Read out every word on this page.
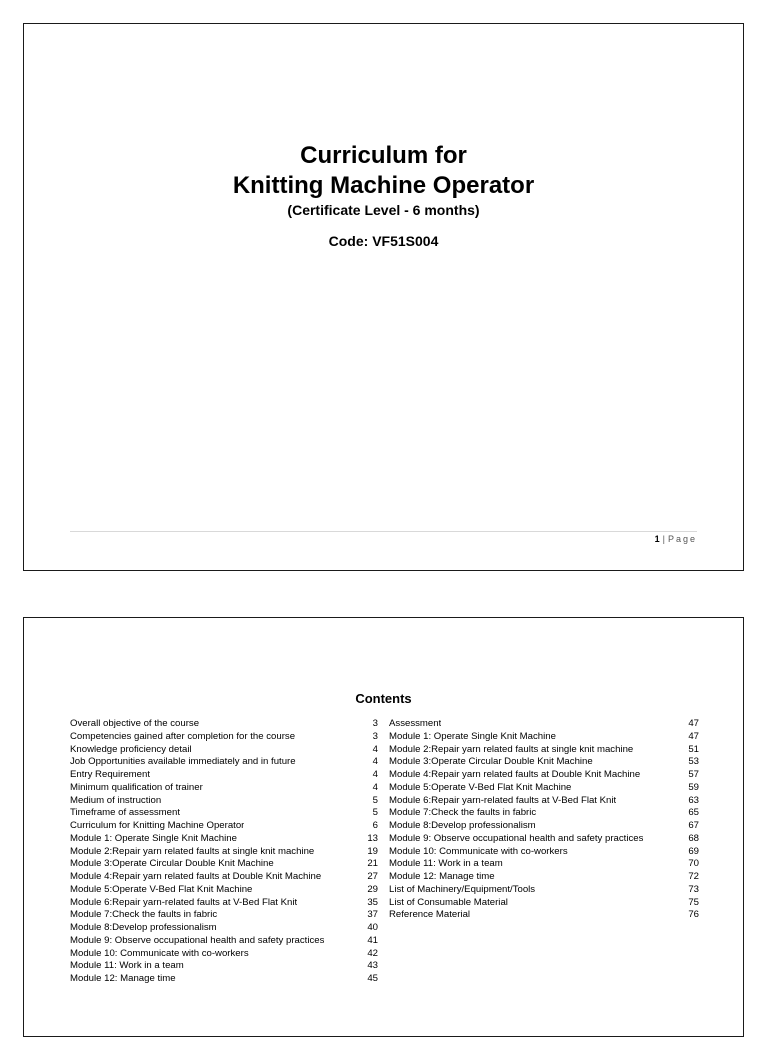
Curriculum for
Knitting Machine Operator
(Certificate Level - 6 months)
Code: VF51S004
1 | Page
Contents
Overall objective of the course	3
Competencies gained after completion for the course	3
Knowledge proficiency detail	4
Job Opportunities available immediately and in future	4
Entry Requirement	4
Minimum qualification of trainer	4
Medium of instruction	5
Timeframe of assessment	5
Curriculum for Knitting Machine Operator	6
Module 1: Operate Single Knit Machine	13
Module 2:Repair yarn related faults at single knit machine	19
Module 3:Operate Circular Double Knit Machine	21
Module 4:Repair yarn related faults at Double Knit Machine	27
Module 5:Operate V-Bed Flat Knit Machine	29
Module 6:Repair yarn-related faults at V-Bed Flat Knit	35
Module 7:Check the faults in fabric	37
Module 8:Develop professionalism	40
Module 9: Observe occupational health and safety practices	41
Module 10: Communicate with co-workers	42
Module 11: Work in a team	43
Module 12: Manage time	45
Assessment	47
Module 1: Operate Single Knit Machine	47
Module 2:Repair yarn related faults at single knit machine	51
Module 3:Operate Circular Double Knit Machine	53
Module 4:Repair yarn related faults at Double Knit Machine	57
Module 5:Operate V-Bed Flat Knit Machine	59
Module 6:Repair yarn-related faults at V-Bed Flat Knit	63
Module 7:Check the faults in fabric	65
Module 8:Develop professionalism	67
Module 9: Observe occupational health and safety practices	68
Module 10: Communicate with co-workers	69
Module 11: Work in a team	70
Module 12: Manage time	72
List of Machinery/Equipment/Tools	73
List of Consumable Material	75
Reference Material	76
